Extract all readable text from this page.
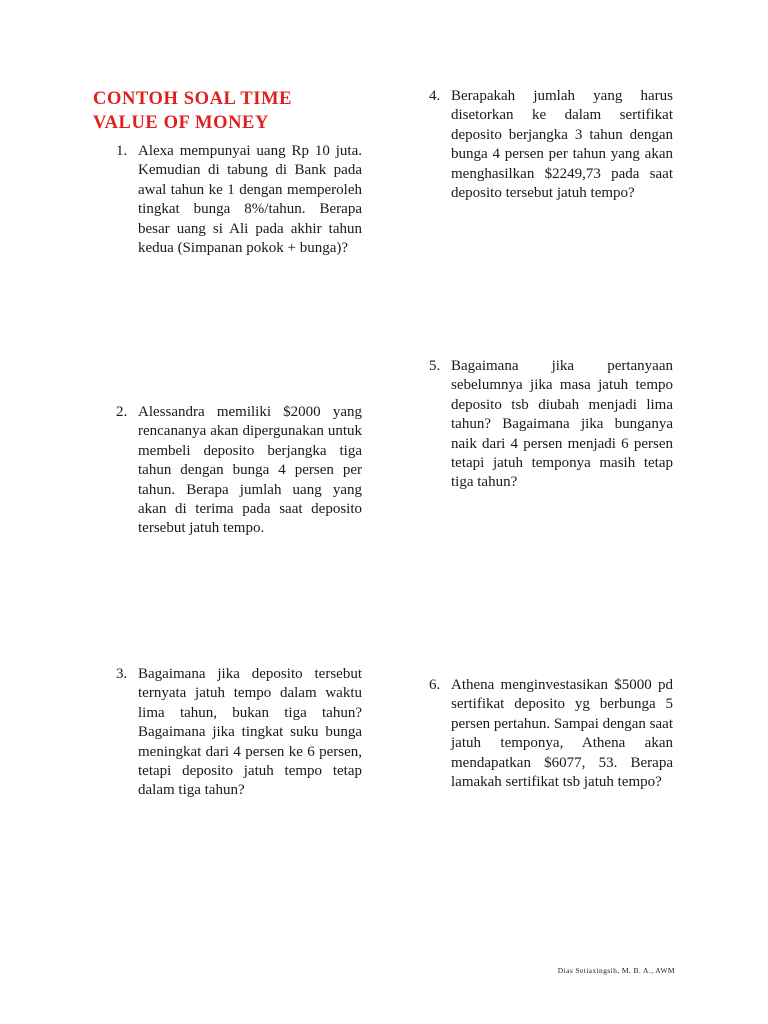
CONTOH SOAL TIME
VALUE OF MONEY
1. Alexa mempunyai uang Rp 10 juta. Kemudian di tabung di Bank pada awal tahun ke 1 dengan memperoleh tingkat bunga 8%/tahun. Berapa besar uang si Ali pada akhir tahun kedua (Simpanan pokok + bunga)?
2. Alessandra memiliki $2000 yang rencananya akan dipergunakan untuk membeli deposito berjangka tiga tahun dengan bunga 4 persen per tahun. Berapa jumlah uang yang akan di terima pada saat deposito tersebut jatuh tempo.
3. Bagaimana jika deposito tersebut ternyata jatuh tempo dalam waktu lima tahun, bukan tiga tahun? Bagaimana jika tingkat suku bunga meningkat dari 4 persen ke 6 persen, tetapi deposito jatuh tempo tetap dalam tiga tahun?
4. Berapakah jumlah yang harus disetorkan ke dalam sertifikat deposito berjangka 3 tahun dengan bunga 4 persen per tahun yang akan menghasilkan $2249,73 pada saat deposito tersebut jatuh tempo?
5. Bagaimana jika pertanyaan sebelumnya jika masa jatuh tempo deposito tsb diubah menjadi lima tahun? Bagaimana jika bunganya naik dari 4 persen menjadi 6 persen tetapi jatuh temponya masih tetap tiga tahun?
6. Athena menginvestasikan $5000 pd sertifikat deposito yg berbunga 5 persen pertahun. Sampai dengan saat jatuh temponya, Athena akan mendapatkan $6077, 53. Berapa lamakah sertifikat tsb jatuh tempo?
Dias Setiaxingsih, M. B. A., AWM
